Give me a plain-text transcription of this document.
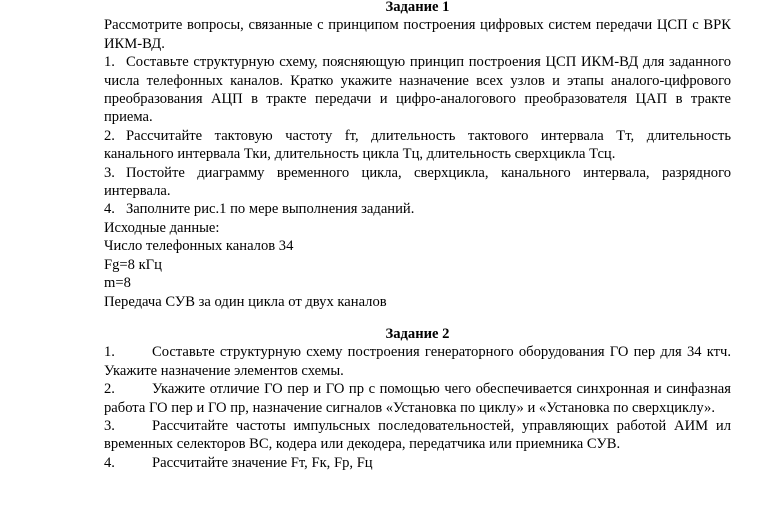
Задание 1

Рассмотрите вопросы, связанные с принципом построения цифровых систем передачи ЦСП с ВРК ИКМ-ВД.

1. Составьте структурную схему, поясняющую принцип построения ЦСП ИКМ-ВД для заданного числа телефонных каналов. Кратко укажите назначение всех узлов и этапы аналого-цифрового преобразования АЦП в тракте передачи и цифро-аналогового преобразователя ЦАП в тракте приема.

2. Рассчитайте тактовую частоту fт, длительность тактового интервала Тт, длительность канального интервала Тки, длительность цикла Тц, длительность сверхцикла Тсц.

3. Постойте диаграмму временного цикла, сверхцикла, канального интервала, разрядного интервала.

4. Заполните рис.1 по мере выполнения заданий.

Исходные данные:

Число телефонных каналов 34

Fg=8 кГц

m=8

Передача СУВ за один цикла от двух каналов

Задание 2

1.	Составьте структурную схему построения генераторного оборудования ГО пер для 34 ктч. Укажите назначение элементов схемы.

2.	Укажите отличие ГО пер и ГО пр с помощью чего обеспечивается синхронная и синфазная работа ГО пер и ГО пр, назначение сигналов «Установка по циклу» и «Установка по сверхциклу».

3.	Рассчитайте частоты импульсных последовательностей, управляющих работой АИМ ил временных селекторов ВС, кодера или декодера, передатчика или приемника СУВ.

4.	Рассчитайте значение Fт, Fк, Fр, Fц
